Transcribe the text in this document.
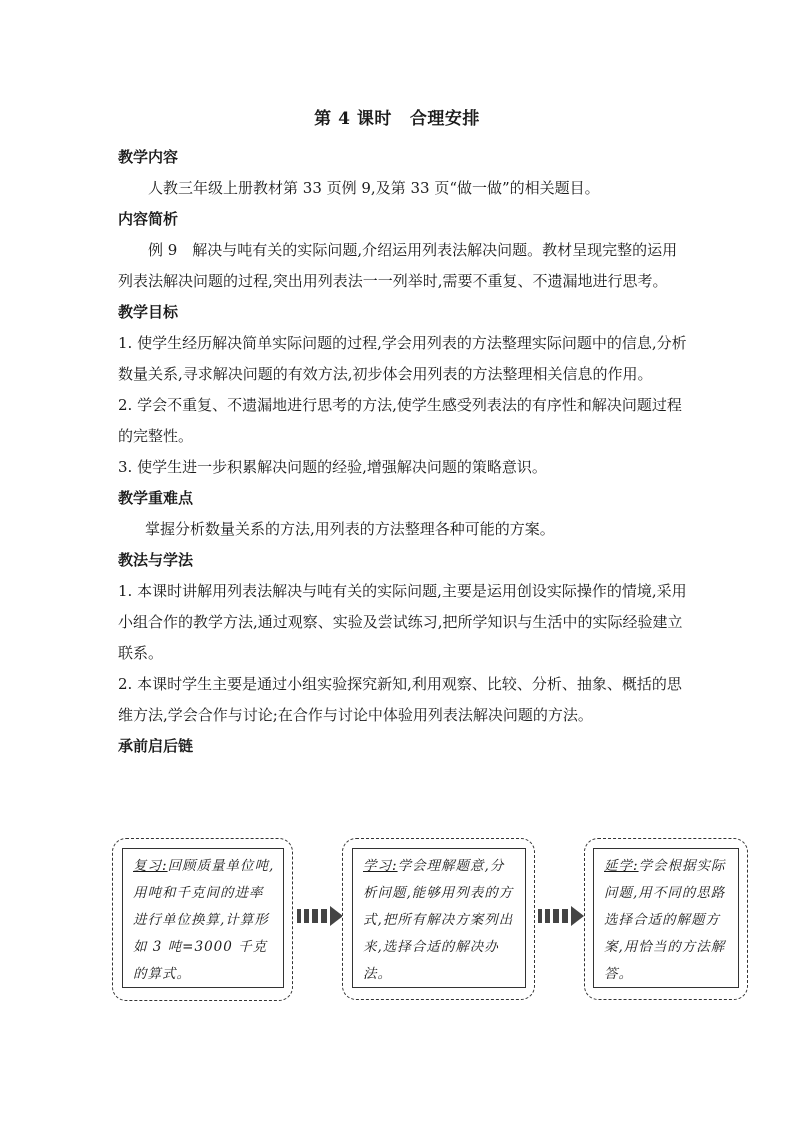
第 4 课时 合理安排
教学内容

人教三年级上册教材第 33 页例 9,及第 33 页“做一做”的相关题目。

内容简析

例 9　解决与吨有关的实际问题,介绍运用列表法解决问题。教材呈现完整的运用列表法解决问题的过程,突出用列表法一一列举时,需要不重复、不遗漏地进行思考。

教学目标

1. 使学生经历解决简单实际问题的过程,学会用列表的方法整理实际问题中的信息,分析数量关系,寻求解决问题的有效方法,初步体会用列表的方法整理相关信息的作用。

2. 学会不重复、不遗漏地进行思考的方法,使学生感受列表法的有序性和解决问题过程的完整性。

3. 使学生进一步积累解决问题的经验,增强解决问题的策略意识。

教学重难点

掌握分析数量关系的方法,用列表的方法整理各种可能的方案。

教法与学法

1. 本课时讲解用列表法解决与吨有关的实际问题,主要是运用创设实际操作的情境,采用小组合作的教学方法,通过观察、实验及尝试练习,把所学知识与生活中的实际经验建立联系。

2. 本课时学生主要是通过小组实验探究新知,利用观察、比较、分析、抽象、概括的思维方法,学会合作与讨论;在合作与讨论中体验用列表法解决问题的方法。

承前启后链
复习:回顾质量单位吨,用吨和千克间的进率进行单位换算,计算形如 3 吨=3000 千克的算式。
学习:学会理解题意,分析问题,能够用列表的方式,把所有解决方案列出来,选择合适的解决办法。
延学:学会根据实际问题,用不同的思路选择合适的解题方案,用恰当的方法解答。
